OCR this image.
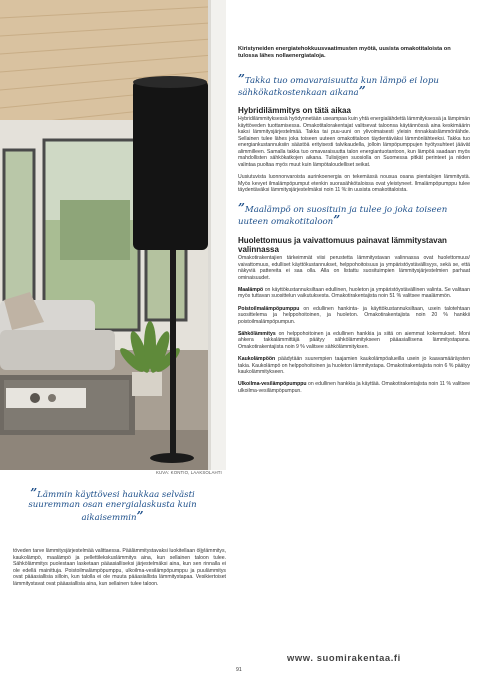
KUVA: KONTIO, LAAKSOLAHTI

Kiristyneiden energiatehokkuusvaatimusten myötä, uusista omakotitaloista on tulossa lähes nollaenergiataloja.

”Takka tuo omavaraisuutta kun lämpö ei lopu sähkökatkostenkaan aikana”

Hybridilämmitys on tätä aikaa

Hybridilämmityksessä hyödynnetään useampaa kuin yhtä energialähdettä lämmityksessä ja lämpimän käyttöveden tuottamisessa. Omakotitalorakentajat valitsevat taloonsa käytännössä aina keskimäärin kaksi lämmitysjärjestelmää. Takka tai puu-uuni on ylivoimaisesti yleisin rinnakkaislämmönlähde. Sellainen tulee lähes joka toiseen uuteen omakotitaloon täydentäväksi lämmönlähteeksi. Takka tuo energiankustannuksiin säästöä erityisesti talvikaudella, jolloin lämpöpumppujen hyötysuhteet jäävät alimmilleen. Samalla takka tuo omavaraisuutta talon energiantuotantoon, kun lämpöä saadaan myös mahdollisten sähkökatkojen aikana. Tulisijojen suosiolla on Suomessa pitkät perinteet ja niiden valintaa puoltaa myös muut kuin lämpötaloudelliset seikat.

Uusiutuvista luonnonvaroista aurinkoenergia on tekemässä nousua osana pientalojen lämmitystä. Myös kevyet ilmalämpöpumput etenkin suorasähkötaloissa ovat yleistyneet. Ilmalämpöpumppu tulee täydentäväksi lämmitysjärjestelmäksi noin 11 %:iin uusista omakotitaloista.

”Maalämpö on suosituin ja tulee jo joka toiseen uuteen omakotitaloon”

Huolettomuus ja vaivattomuus painavat lämmitystavan valinnassa

Omakotirakentajien tärkeimmät viisi perustetta lämmitystavan valinnassa ovat huolettomuus/ vaivattomuus, edulliset käyttökustannukset, helppohoitoisuus ja ympäristöystävällisyys, sekä se, että näkyviä pattereita ei saa olla. Alla on listattu suosituimpien lämmitysjärjestelmien parhaat ominaisuudet.

Maalämpö on käyttökustannuksiltaan edullinen, huoleton ja ympäristöystävällinen valinta. Se valitaan myös tuttavan suosittelun vaikutuksesta. Omakotirakentajista noin 51 % valitsee maalämmön.

Poistoilmalämpöpumppu on edullinen hankinta- ja käyttökustannuksiltaan, usein talotehtaan suosittelema ja helppohoitoinen, ja huoleton. Omakotirakentajista noin 20 % hankkii poistoilmalämpöpumpun.

Sähkölämmitys on helppohoitoinen ja edullinen hankkia ja siitä on aiemmat kokemukset. Moni ahkera takkalämmittäjä päätyy sähkölämmitykseen pääasiallisena lämmitystapana. Omakotirakentajista noin 9 % valitsee sähkölämmityksen.

Kaukolämpöön päädytään suurempien taajamien kaukolämpöalueilla usein jo kaavamääräysten takia. Kaukolämpö on helppohoitoinen ja huoleton lämmitystapa. Omakotirakentajista noin 6 % päätyy kaukolämmitykseen.

Ulkoilma-vesilämpöpumppu on edullinen hankkia ja käyttää. Omakotirakentajista noin 11 % valitsee ulkoilma-vesilämpöpumpun.

”Lämmin käyttövesi haukkaa selvästi suuremman osan energialaskusta kuin aikaisemmin”

töveden tarve lämmitysjärjestelmää valittaessa. Päälämmitystavaksi luokitellaan öljylämmitys, kaukolämpö, maalämpö ja pellettilekskuslämmitys aina, kun sellainen taloon tulee. Sähkölämmitys puolestaan lasketaan pääasialliseksi järjestelmäksi aina, kun sen rinnalla ei ole edellä mainittuja. Poistoilmalämpöpumppu, ulkoilma-vesilämpöpumppu ja puulämmitys ovat pääasiallisia silloin, kun talolla ei ole muuta pääasiallista lämmitystapaa. Vesikiertoiset lämmitystavat ovat pääasiallisia aina, kun sellainen tulee taloon.

www. suomirakentaa.fi
91
